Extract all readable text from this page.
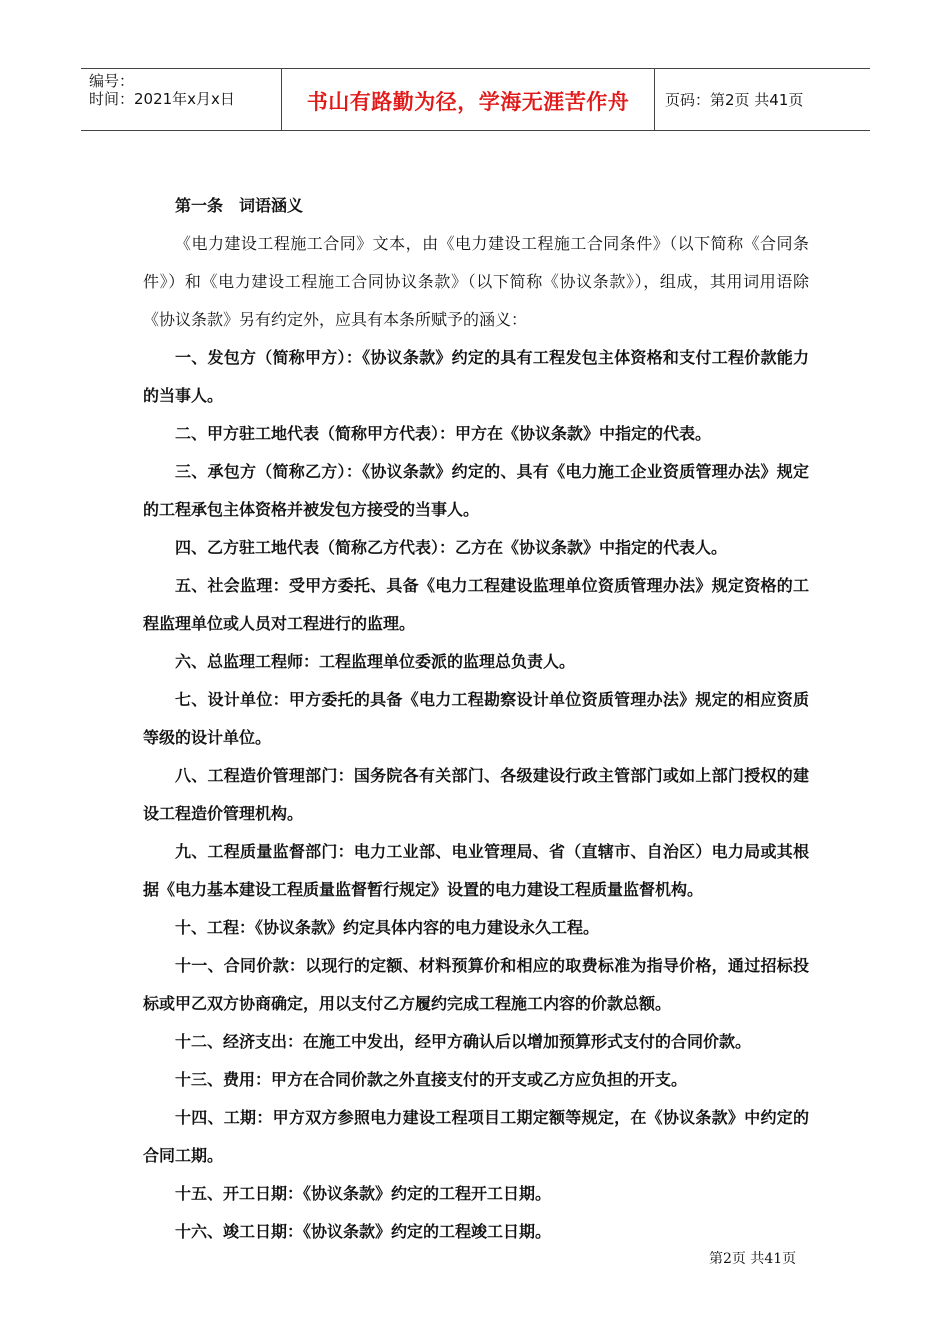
编号：
时间：2021年x月x日	书山有路勤为径，学海无涯苦作舟	页码：第2页 共41页

第一条　词语涵义

《电力建设工程施工合同》文本，由《电力建设工程施工合同条件》（以下简称《合同条件》）和《电力建设工程施工合同协议条款》（以下简称《协议条款》），组成，其用词用语除《协议条款》另有约定外，应具有本条所赋予的涵义：

一、发包方（简称甲方）：《协议条款》约定的具有工程发包主体资格和支付工程价款能力的当事人。

二、甲方驻工地代表（简称甲方代表）：甲方在《协议条款》中指定的代表。

三、承包方（简称乙方）：《协议条款》约定的、具有《电力施工企业资质管理办法》规定的工程承包主体资格并被发包方接受的当事人。

四、乙方驻工地代表（简称乙方代表）：乙方在《协议条款》中指定的代表人。

五、社会监理：受甲方委托、具备《电力工程建设监理单位资质管理办法》规定资格的工程监理单位或人员对工程进行的监理。

六、总监理工程师：工程监理单位委派的监理总负责人。

七、设计单位：甲方委托的具备《电力工程勘察设计单位资质管理办法》规定的相应资质等级的设计单位。

八、工程造价管理部门：国务院各有关部门、各级建设行政主管部门或如上部门授权的建设工程造价管理机构。

九、工程质量监督部门：电力工业部、电业管理局、省（直辖市、自治区）电力局或其根据《电力基本建设工程质量监督暂行规定》设置的电力建设工程质量监督机构。

十、工程：《协议条款》约定具体内容的电力建设永久工程。

十一、合同价款：以现行的定额、材料预算价和相应的取费标准为指导价格，通过招标投标或甲乙双方协商确定，用以支付乙方履约完成工程施工内容的价款总额。

十二、经济支出：在施工中发出，经甲方确认后以增加预算形式支付的合同价款。

十三、费用：甲方在合同价款之外直接支付的开支或乙方应负担的开支。

十四、工期：甲方双方参照电力建设工程项目工期定额等规定，在《协议条款》中约定的合同工期。

十五、开工日期：《协议条款》约定的工程开工日期。

十六、竣工日期：《协议条款》约定的工程竣工日期。

第2页 共41页
